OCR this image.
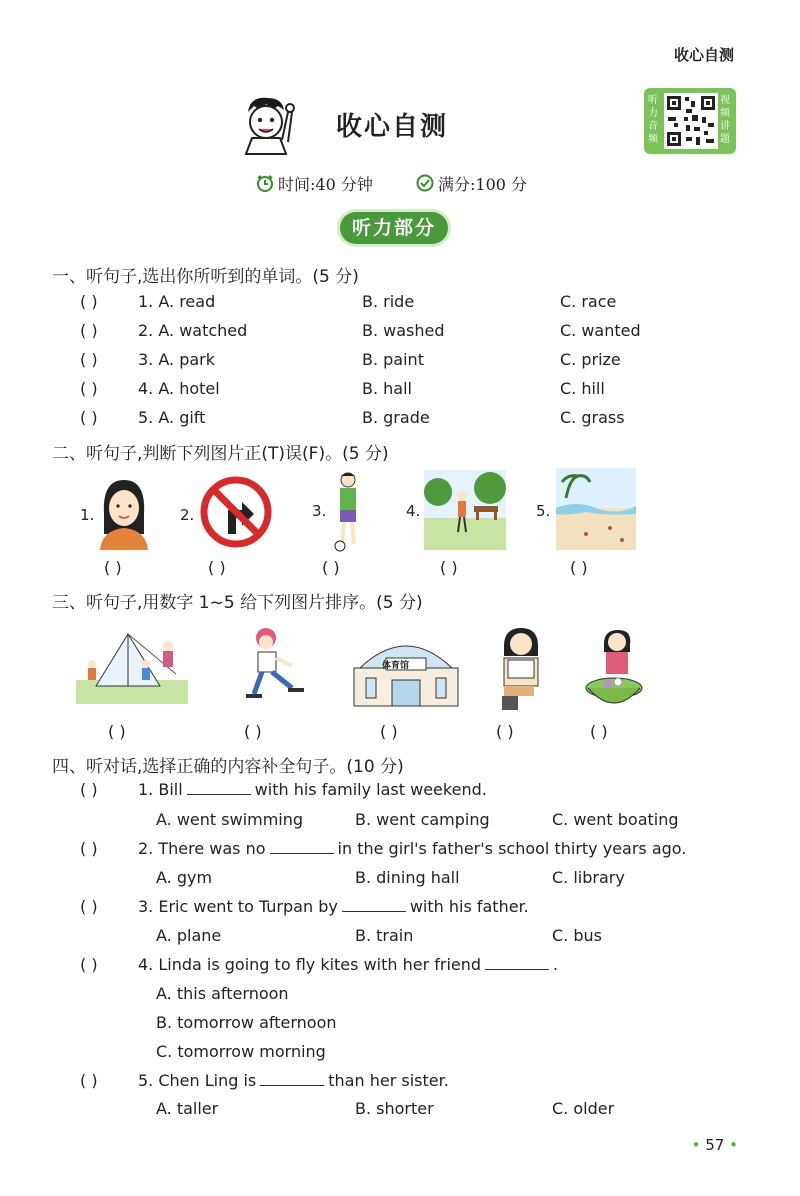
收心自测
收心自测
听力音频
视频讲题
时间:40 分钟	满分:100 分
听力部分
一、听句子,选出你所听到的单词。(5 分)
( )	1. A. read	B. ride	C. race
( )	2. A. watched	B. washed	C. wanted
( )	3. A. park	B. paint	C. prize
( )	4. A. hotel	B. hall	C. hill
( )	5. A. gift	B. grade	C. grass
二、听句子,判断下列图片正(T)误(F)。(5 分)
1.	2.	3.	4.	5.
( )	( )	( )	( )	( )
三、听句子,用数字 1~5 给下列图片排序。(5 分)
体育馆
( )	( )	( )	( )	( )
四、听对话,选择正确的内容补全句子。(10 分)
( )	1. Bill	with his family last weekend.
A. went swimming	B. went camping	C. went boating
( )	2. There was no	in the girl's father's school thirty years ago.
A. gym	B. dining hall	C. library
( )	3. Eric went to Turpan by	with his father.
A. plane	B. train	C. bus
( )	4. Linda is going to fly kites with her friend	.
A. this afternoon
B. tomorrow afternoon
C. tomorrow morning
( )	5. Chen Ling is	than her sister.
A. taller	B. shorter	C. older
• 57 •
